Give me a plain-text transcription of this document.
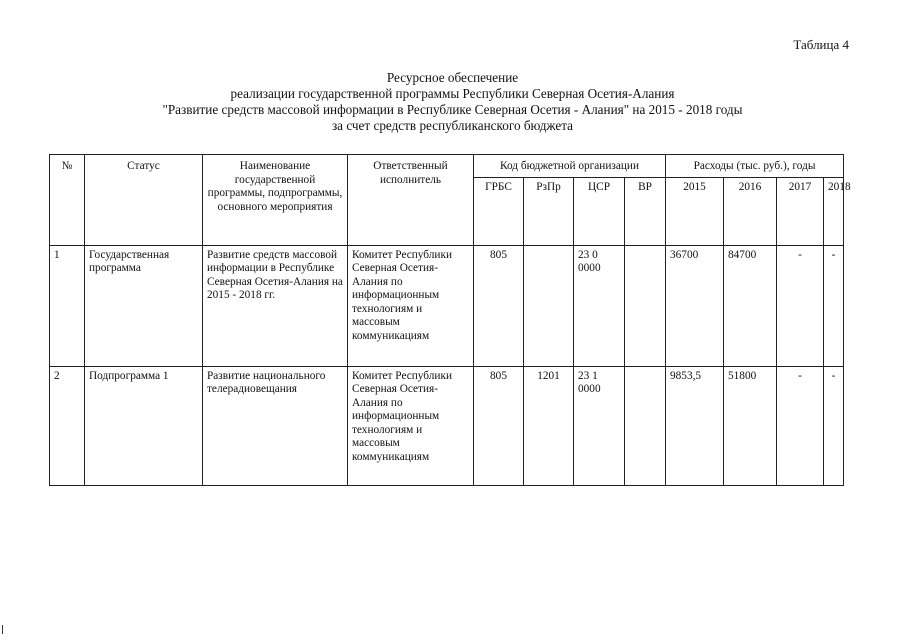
Таблица 4
Ресурсное обеспечение
реализации государственной программы Республики Северная Осетия-Алания
"Развитие средств массовой информации в Республике Северная Осетия - Алания" на 2015 - 2018 годы
за счет средств республиканского бюджета
№	Статус	Наименование государственной программы, подпрограммы, основного мероприятия	Ответственный исполнитель	Код бюджетной организации				Расходы (тыс. руб.), годы			
				ГРБС	РзПр	ЦСР	ВР	2015	2016	2017	2018
1	Государственная программа	Развитие средств массовой информации в Республике Северная Осетия-Алания на 2015 - 2018 гг.	Комитет Республики Северная Осетия-Алания по информационным технологиям и массовым коммуникациям	805		23 0 0000		36700	84700	-	-
2	Подпрограмма 1	Развитие национального телерадиовещания	Комитет Республики Северная Осетия-Алания по информационным технологиям и массовым коммуникациям	805	1201	23 1 0000		9853,5	51800	-	-
